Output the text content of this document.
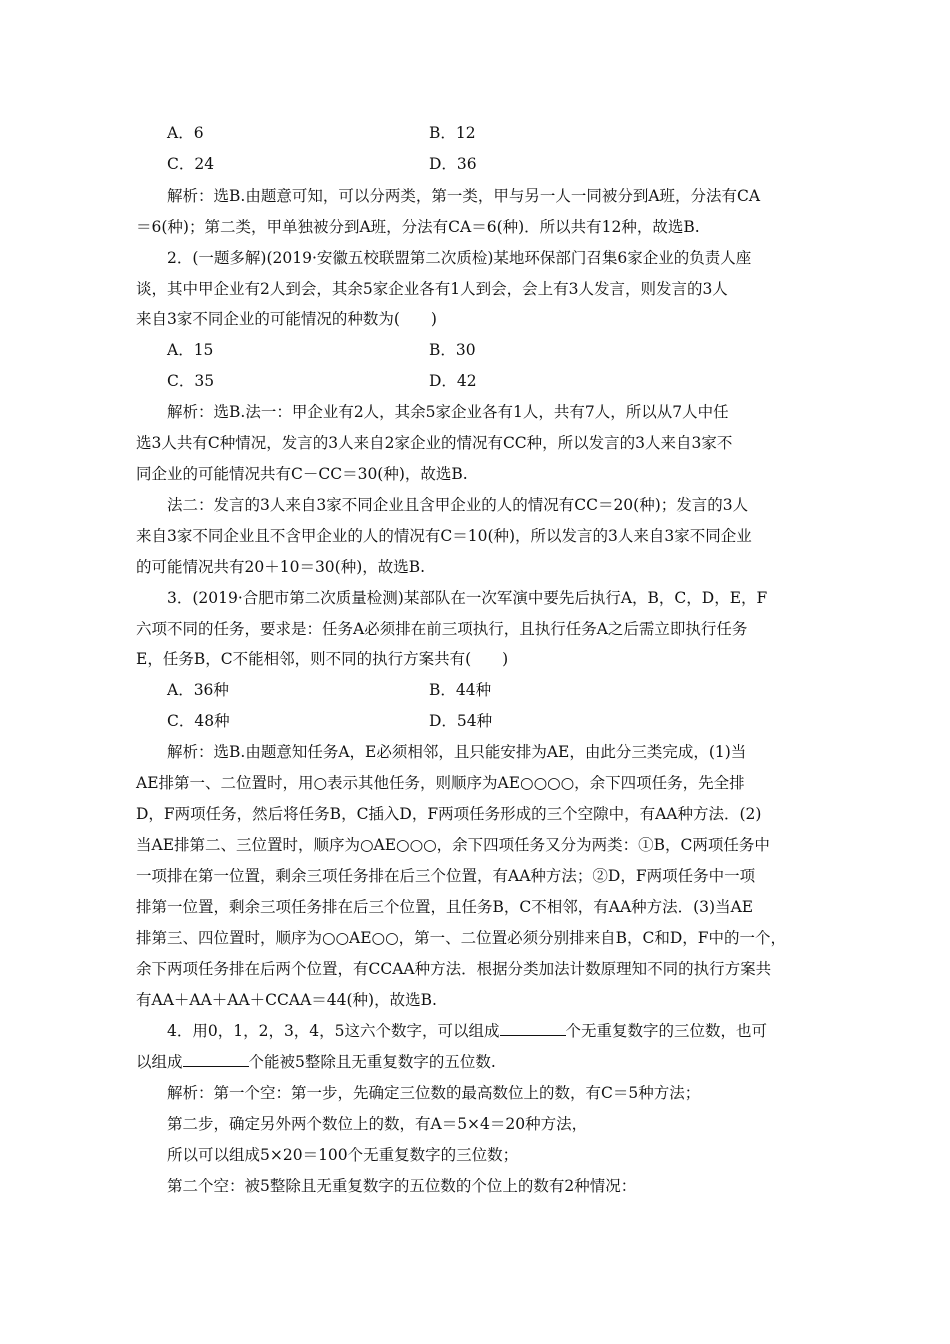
A．6	B．12
C．24	D．36
解析：选B.由题意可知，可以分两类，第一类，甲与另一人一同被分到A班，分法有CA
＝6(种)；第二类，甲单独被分到A班，分法有CA＝6(种)．所以共有12种，故选B.
2．(一题多解)(2019·安徽五校联盟第二次质检)某地环保部门召集6家企业的负责人座
谈，其中甲企业有2人到会，其余5家企业各有1人到会，会上有3人发言，则发言的3人
来自3家不同企业的可能情况的种数为(　　)
A．15	B．30
C．35	D．42
解析：选B.法一：甲企业有2人，其余5家企业各有1人，共有7人，所以从7人中任
选3人共有C种情况，发言的3人来自2家企业的情况有CC种，所以发言的3人来自3家不
同企业的可能情况共有C－CC＝30(种)，故选B.
法二：发言的3人来自3家不同企业且含甲企业的人的情况有CC＝20(种)；发言的3人
来自3家不同企业且不含甲企业的人的情况有C＝10(种)，所以发言的3人来自3家不同企业
的可能情况共有20＋10＝30(种)，故选B.
3．(2019·合肥市第二次质量检测)某部队在一次军演中要先后执行A，B，C，D，E，F
六项不同的任务，要求是：任务A必须排在前三项执行，且执行任务A之后需立即执行任务
E，任务B，C不能相邻，则不同的执行方案共有(　　)
A．36种	B．44种
C．48种	D．54种
解析：选B.由题意知任务A，E必须相邻，且只能安排为AE，由此分三类完成，(1)当
AE排第一、二位置时，用○表示其他任务，则顺序为AE○○○○，余下四项任务，先全排
D，F两项任务，然后将任务B，C插入D，F两项任务形成的三个空隙中，有AA种方法．(2)
当AE排第二、三位置时，顺序为○AE○○○，余下四项任务又分为两类：①B，C两项任务中
一项排在第一位置，剩余三项任务排在后三个位置，有AA种方法；②D，F两项任务中一项
排第一位置，剩余三项任务排在后三个位置，且任务B，C不相邻，有AA种方法．(3)当AE
排第三、四位置时，顺序为○○AE○○，第一、二位置必须分别排来自B，C和D，F中的一个，
余下两项任务排在后两个位置，有CCAA种方法．根据分类加法计数原理知不同的执行方案共
有AA＋AA＋AA＋CCAA＝44(种)，故选B.
4．用0，1，2，3，4，5这六个数字，可以组成	个无重复数字的三位数，也可
以组成	个能被5整除且无重复数字的五位数.
解析：第一个空：第一步，先确定三位数的最高数位上的数，有C＝5种方法；
第二步，确定另外两个数位上的数，有A＝5×4＝20种方法，
所以可以组成5×20＝100个无重复数字的三位数；
第二个空：被5整除且无重复数字的五位数的个位上的数有2种情况：
